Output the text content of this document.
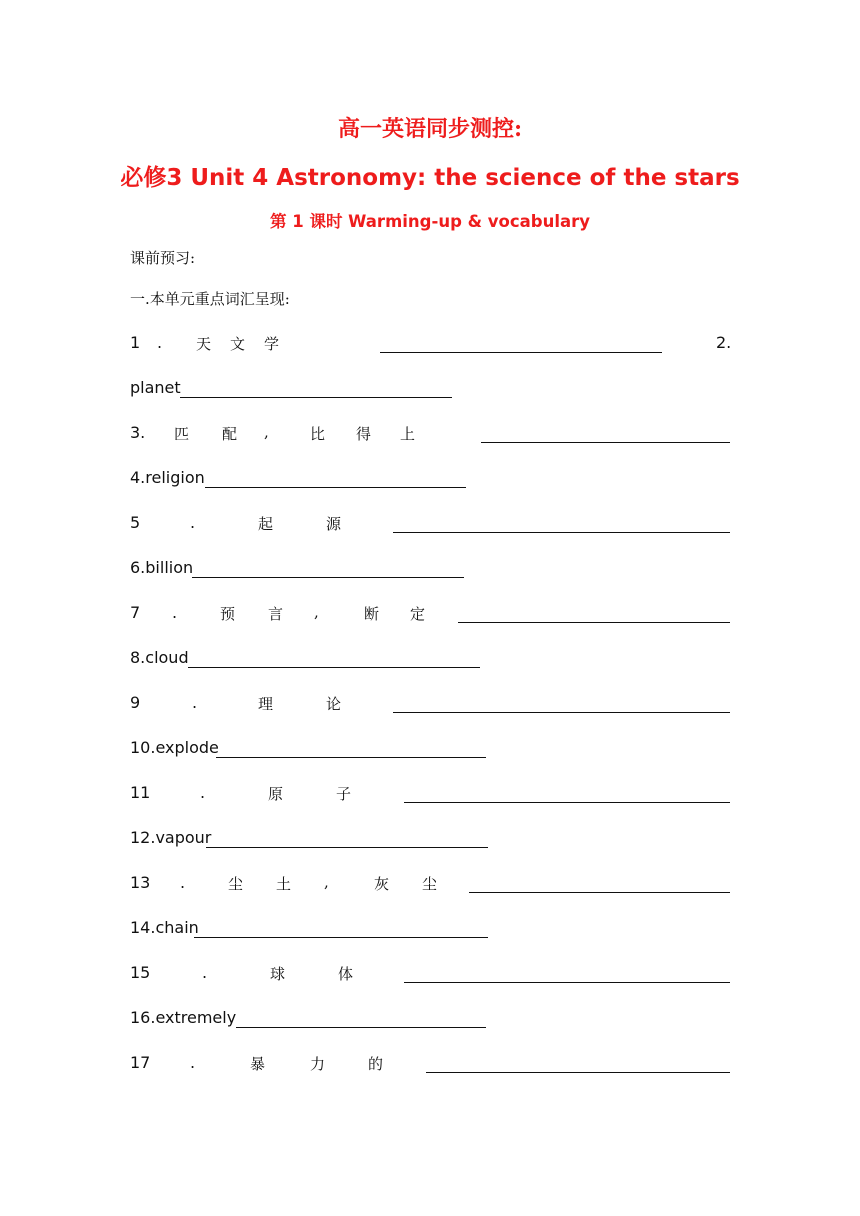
高一英语同步测控:
必修3 Unit 4 Astronomy: the science of the stars
第 1 课时 Warming-up & vocabulary
课前预习:
一.本单元重点词汇呈现:
1 . 天 文 学	2.
planet
3. 匹 配 ,	比 得 上
4.religion
5	.	起	源
6.billion
7 .	预 言 ,	断 定
8.cloud
9	.	理	论
10.explode
11	.	原	子
12.vapour
13 .	尘 土 ,	灰 尘
14.chain
15	.	球	体
16.extremely
17 .	暴	力	的
